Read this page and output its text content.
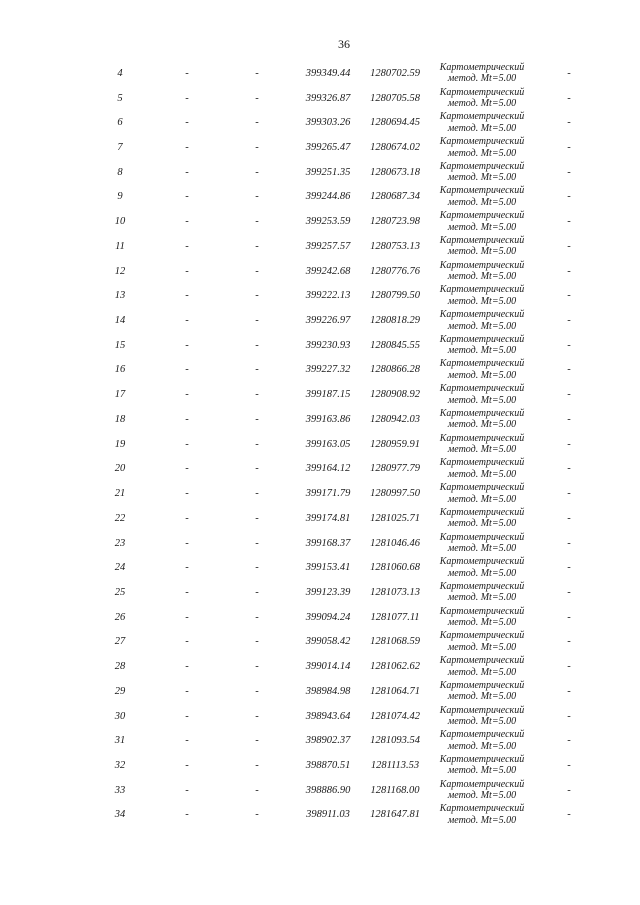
36
4	-	-	399349.44	1280702.59
Картометрический
метод. Mt=5.00	-
5	-	-	399326.87	1280705.58
Картометрический
метод. Mt=5.00	-
6	-	-	399303.26	1280694.45
Картометрический
метод. Mt=5.00	-
7	-	-	399265.47	1280674.02
Картометрический
метод. Mt=5.00	-
8	-	-	399251.35	1280673.18
Картометрический
метод. Mt=5.00	-
9	-	-	399244.86	1280687.34
Картометрический
метод. Mt=5.00	-
10	-	-	399253.59	1280723.98
Картометрический
метод. Mt=5.00	-
11	-	-	399257.57	1280753.13
Картометрический
метод. Mt=5.00	-
12	-	-	399242.68	1280776.76
Картометрический
метод. Mt=5.00	-
13	-	-	399222.13	1280799.50
Картометрический
метод. Mt=5.00	-
14	-	-	399226.97	1280818.29
Картометрический
метод. Mt=5.00	-
15	-	-	399230.93	1280845.55
Картометрический
метод. Mt=5.00	-
16	-	-	399227.32	1280866.28
Картометрический
метод. Mt=5.00	-
17	-	-	399187.15	1280908.92
Картометрический
метод. Mt=5.00	-
18	-	-	399163.86	1280942.03
Картометрический
метод. Mt=5.00	-
19	-	-	399163.05	1280959.91
Картометрический
метод. Mt=5.00	-
20	-	-	399164.12	1280977.79
Картометрический
метод. Mt=5.00	-
21	-	-	399171.79	1280997.50
Картометрический
метод. Mt=5.00	-
22	-	-	399174.81	1281025.71
Картометрический
метод. Mt=5.00	-
23	-	-	399168.37	1281046.46
Картометрический
метод. Mt=5.00	-
24	-	-	399153.41	1281060.68
Картометрический
метод. Mt=5.00	-
25	-	-	399123.39	1281073.13
Картометрический
метод. Mt=5.00	-
26	-	-	399094.24	1281077.11
Картометрический
метод. Mt=5.00	-
27	-	-	399058.42	1281068.59
Картометрический
метод. Mt=5.00	-
28	-	-	399014.14	1281062.62
Картометрический
метод. Mt=5.00	-
29	-	-	398984.98	1281064.71
Картометрический
метод. Mt=5.00	-
30	-	-	398943.64	1281074.42
Картометрический
метод. Mt=5.00	-
31	-	-	398902.37	1281093.54
Картометрический
метод. Mt=5.00	-
32	-	-	398870.51	1281113.53
Картометрический
метод. Mt=5.00	-
33	-	-	398886.90	1281168.00
Картометрический
метод. Mt=5.00	-
34	-	-	398911.03	1281647.81
Картометрический
метод. Mt=5.00	-
